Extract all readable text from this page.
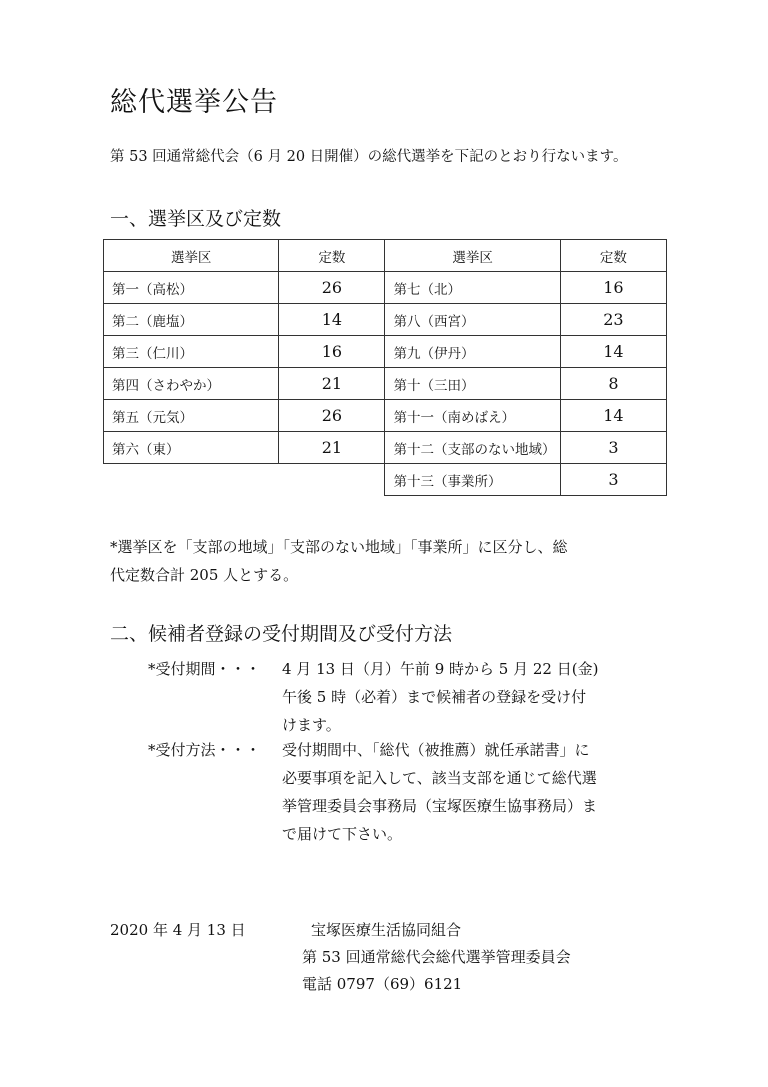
総代選挙公告
第 53 回通常総代会（6 月 20 日開催）の総代選挙を下記のとおり行ないます。
一、選挙区及び定数
選挙区	定数	選挙区	定数
第一（高松）	26	第七（北）	16
第二（鹿塩）	14	第八（西宮）	23
第三（仁川）	16	第九（伊丹）	14
第四（さわやか）	21	第十（三田）	8
第五（元気）	26	第十一（南めばえ）	14
第六（東）	21	第十二（支部のない地域）	3
		第十三（事業所）	3
*選挙区を「支部の地域」「支部のない地域」「事業所」に区分し、総
代定数合計 205 人とする。
二、候補者登録の受付期間及び受付方法
*受付期間・・・ 4 月 13 日（月）午前 9 時から 5 月 22 日(金)
午後 5 時（必着）まで候補者の登録を受け付
けます。
*受付方法・・・ 受付期間中、「総代（被推薦）就任承諾書」に
必要事項を記入して、該当支部を通じて総代選
挙管理委員会事務局（宝塚医療生協事務局）ま
で届けて下さい。
2020 年 4 月 13 日	宝塚医療生活協同組合
第 53 回通常総代会総代選挙管理委員会
電話 0797（69）6121
